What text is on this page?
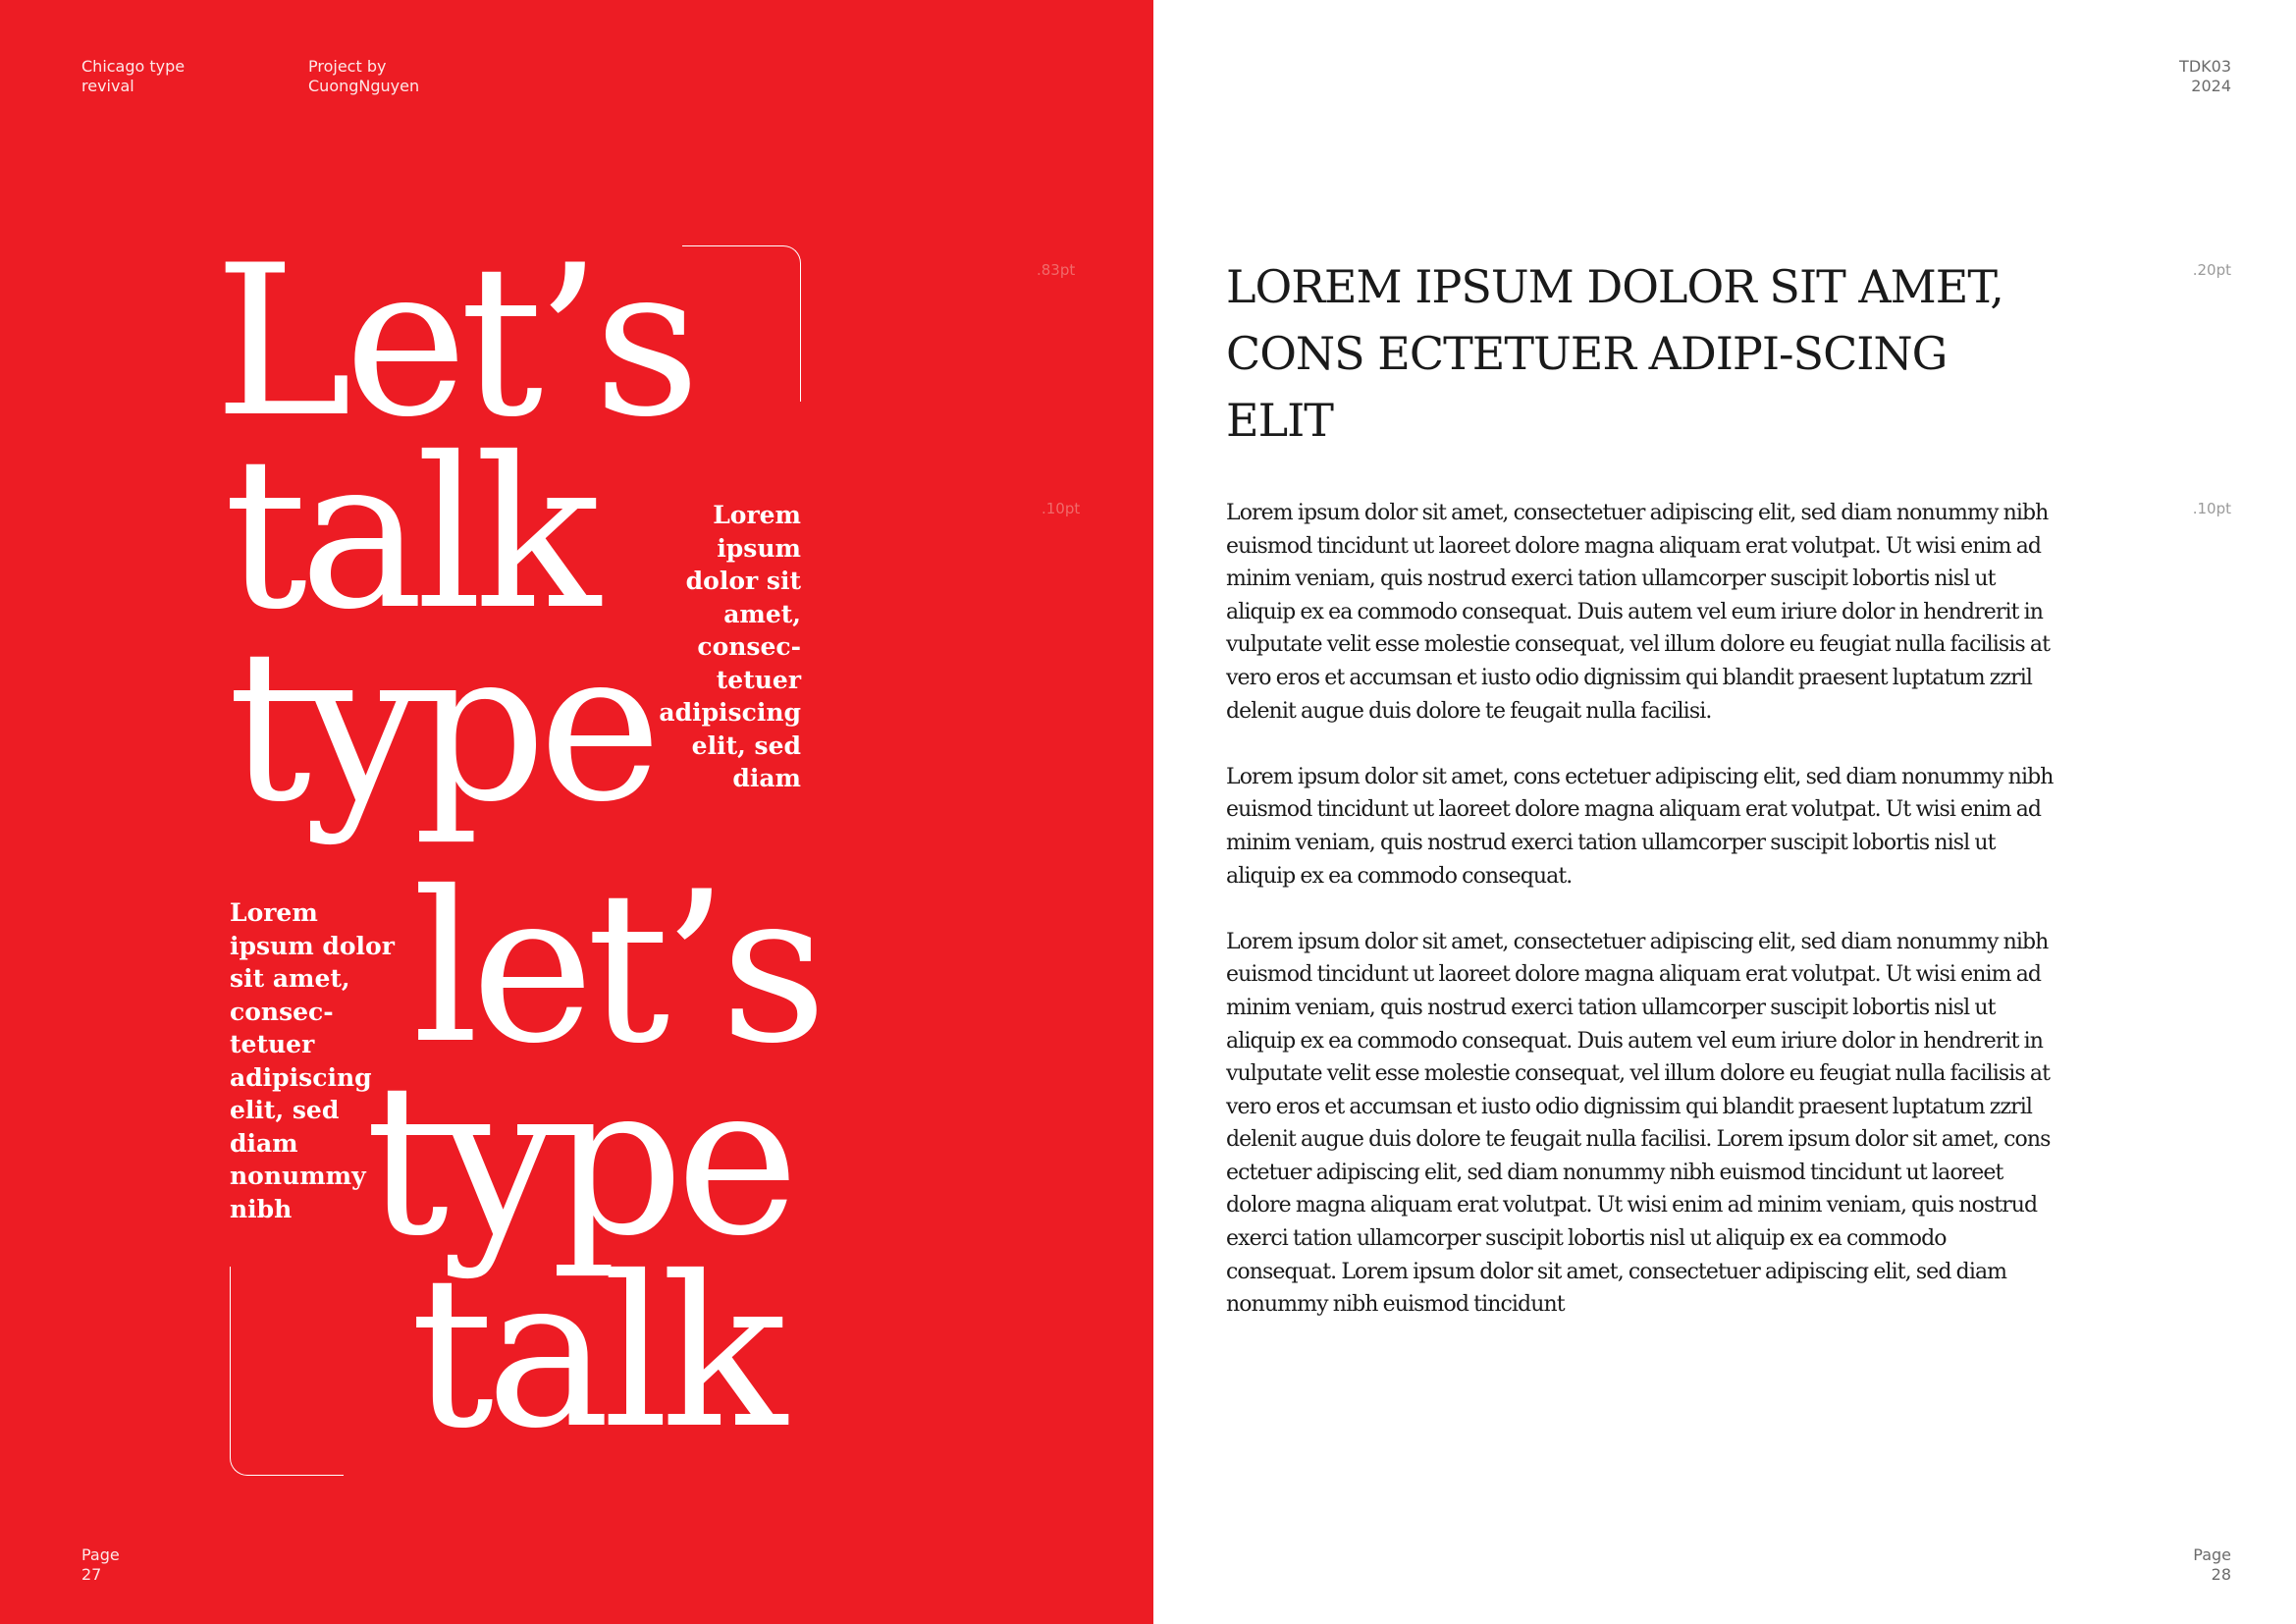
Chicago type
revival
Project by
CuongNguyen
.83pt
.10pt
Let’s
talk
type
let’s
type
talk
Lorem
ipsum
dolor sit
amet,
consec-
tetuer
adipiscing
elit, sed
diam
Lorem
ipsum dolor
sit amet,
consec-
tetuer
adipiscing
elit, sed
diam
nonummy
nibh
Page
27
TDK03
2024
.20pt
.10pt
LOREM IPSUM DOLOR SIT AMET, CONS ECTETUER ADIPI-SCING ELIT

Lorem ipsum dolor sit amet, consectetuer adipiscing elit, sed diam nonummy nibh euismod tincidunt ut laoreet dolore magna aliquam erat volutpat. Ut wisi enim ad minim veniam, quis nostrud exerci tation ullamcorper suscipit lobortis nisl ut aliquip ex ea commodo consequat. Duis autem vel eum iriure dolor in hendrerit in vulputate velit esse molestie consequat, vel illum dolore eu feugiat nulla facilisis at vero eros et accumsan et iusto odio dignissim qui blandit praesent luptatum zzril delenit augue duis dolore te feugait nulla facilisi.

Lorem ipsum dolor sit amet, cons ectetuer adipiscing elit, sed diam nonummy nibh euismod tincidunt ut laoreet dolore magna aliquam erat volutpat. Ut wisi enim ad minim veniam, quis nostrud exerci tation ullamcorper suscipit lobortis nisl ut aliquip ex ea commodo consequat.

Lorem ipsum dolor sit amet, consectetuer adipiscing elit, sed diam nonummy nibh euismod tincidunt ut laoreet dolore magna aliquam erat volutpat. Ut wisi enim ad minim veniam, quis nostrud exerci tation ullamcorper suscipit lobortis nisl ut aliquip ex ea commodo consequat. Duis autem vel eum iriure dolor in hendrerit in vulputate velit esse molestie consequat, vel illum dolore eu feugiat nulla facilisis at vero eros et accumsan et iusto odio dignissim qui blandit praesent luptatum zzril delenit augue duis dolore te feugait nulla facilisi. Lorem ipsum dolor sit amet, cons ectetuer adipiscing elit, sed diam nonummy nibh euismod tincidunt ut laoreet dolore magna aliquam erat volutpat. Ut wisi enim ad minim veniam, quis nostrud exerci tation ullamcorper suscipit lobortis nisl ut aliquip ex ea commodo consequat. Lorem ipsum dolor sit amet, consectetuer adipiscing elit, sed diam nonummy nibh euismod tincidunt

Page
28
